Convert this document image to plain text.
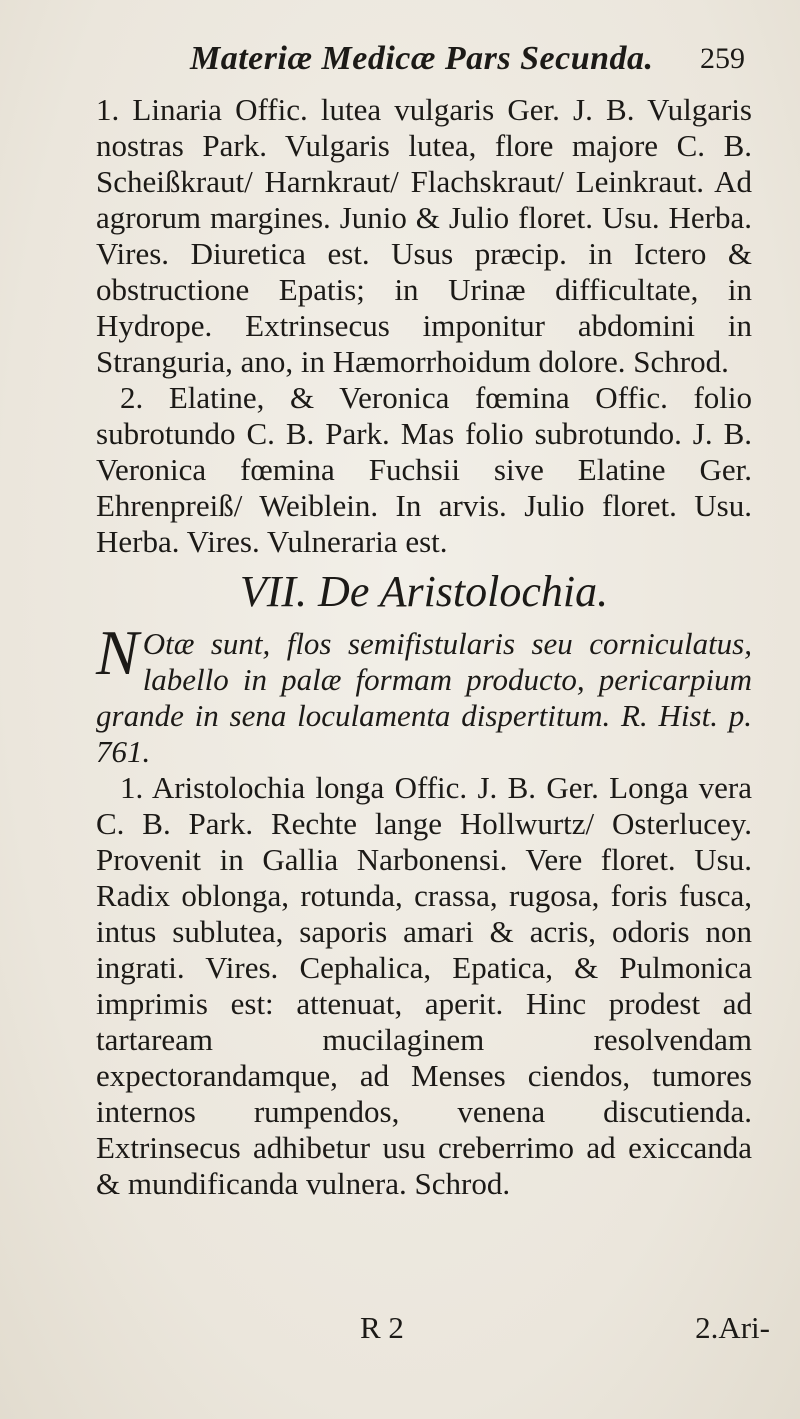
Materiæ Medicæ Pars Secunda. 259

1. Linaria Offic. lutea vulgaris Ger. J. B. Vulgaris nostras Park. Vulgaris lutea, flore majore C. B. Scheißkraut/ Harnkraut/ Flachskraut/ Leinkraut. Ad agrorum margines. Junio & Julio floret. Usu. Herba. Vires. Diuretica est. Usus præcip. in Ictero & obstructione Epatis; in Urinæ difficultate, in Hydrope. Extrinsecus imponitur abdomini in Stranguria, ano, in Hæmorrhoidum dolore. Schrod.

2. Elatine, & Veronica fœmina Offic. folio subrotundo C. B. Park. Mas folio subrotundo. J. B. Veronica fœmina Fuchsii sive Elatine Ger. Ehrenpreiß/ Weiblein. In arvis. Julio floret. Usu. Herba. Vires. Vulneraria est.

VII. De Aristolochia.

N Otæ sunt, flos semifistularis seu corniculatus, labello in palæ formam producto, pericarpium grande in sena loculamenta dispertitum. R. Hist. p. 761.

1. Aristolochia longa Offic. J. B. Ger. Longa vera C. B. Park. Rechte lange Hollwurtz/ Osterlucey. Provenit in Gallia Narbonensi. Vere floret. Usu. Radix oblonga, rotunda, crassa, rugosa, foris fusca, intus sublutea, saporis amari & acris, odoris non ingrati. Vires. Cephalica, Epatica, & Pulmonica imprimis est: attenuat, aperit. Hinc prodest ad tartaream mucilaginem resolvendam expectorandamque, ad Menses ciendos, tumores internos rumpendos, venena discutienda. Extrinsecus adhibetur usu creberrimo ad exiccanda & mundificanda vulnera. Schrod.

R 2	2.Ari-
